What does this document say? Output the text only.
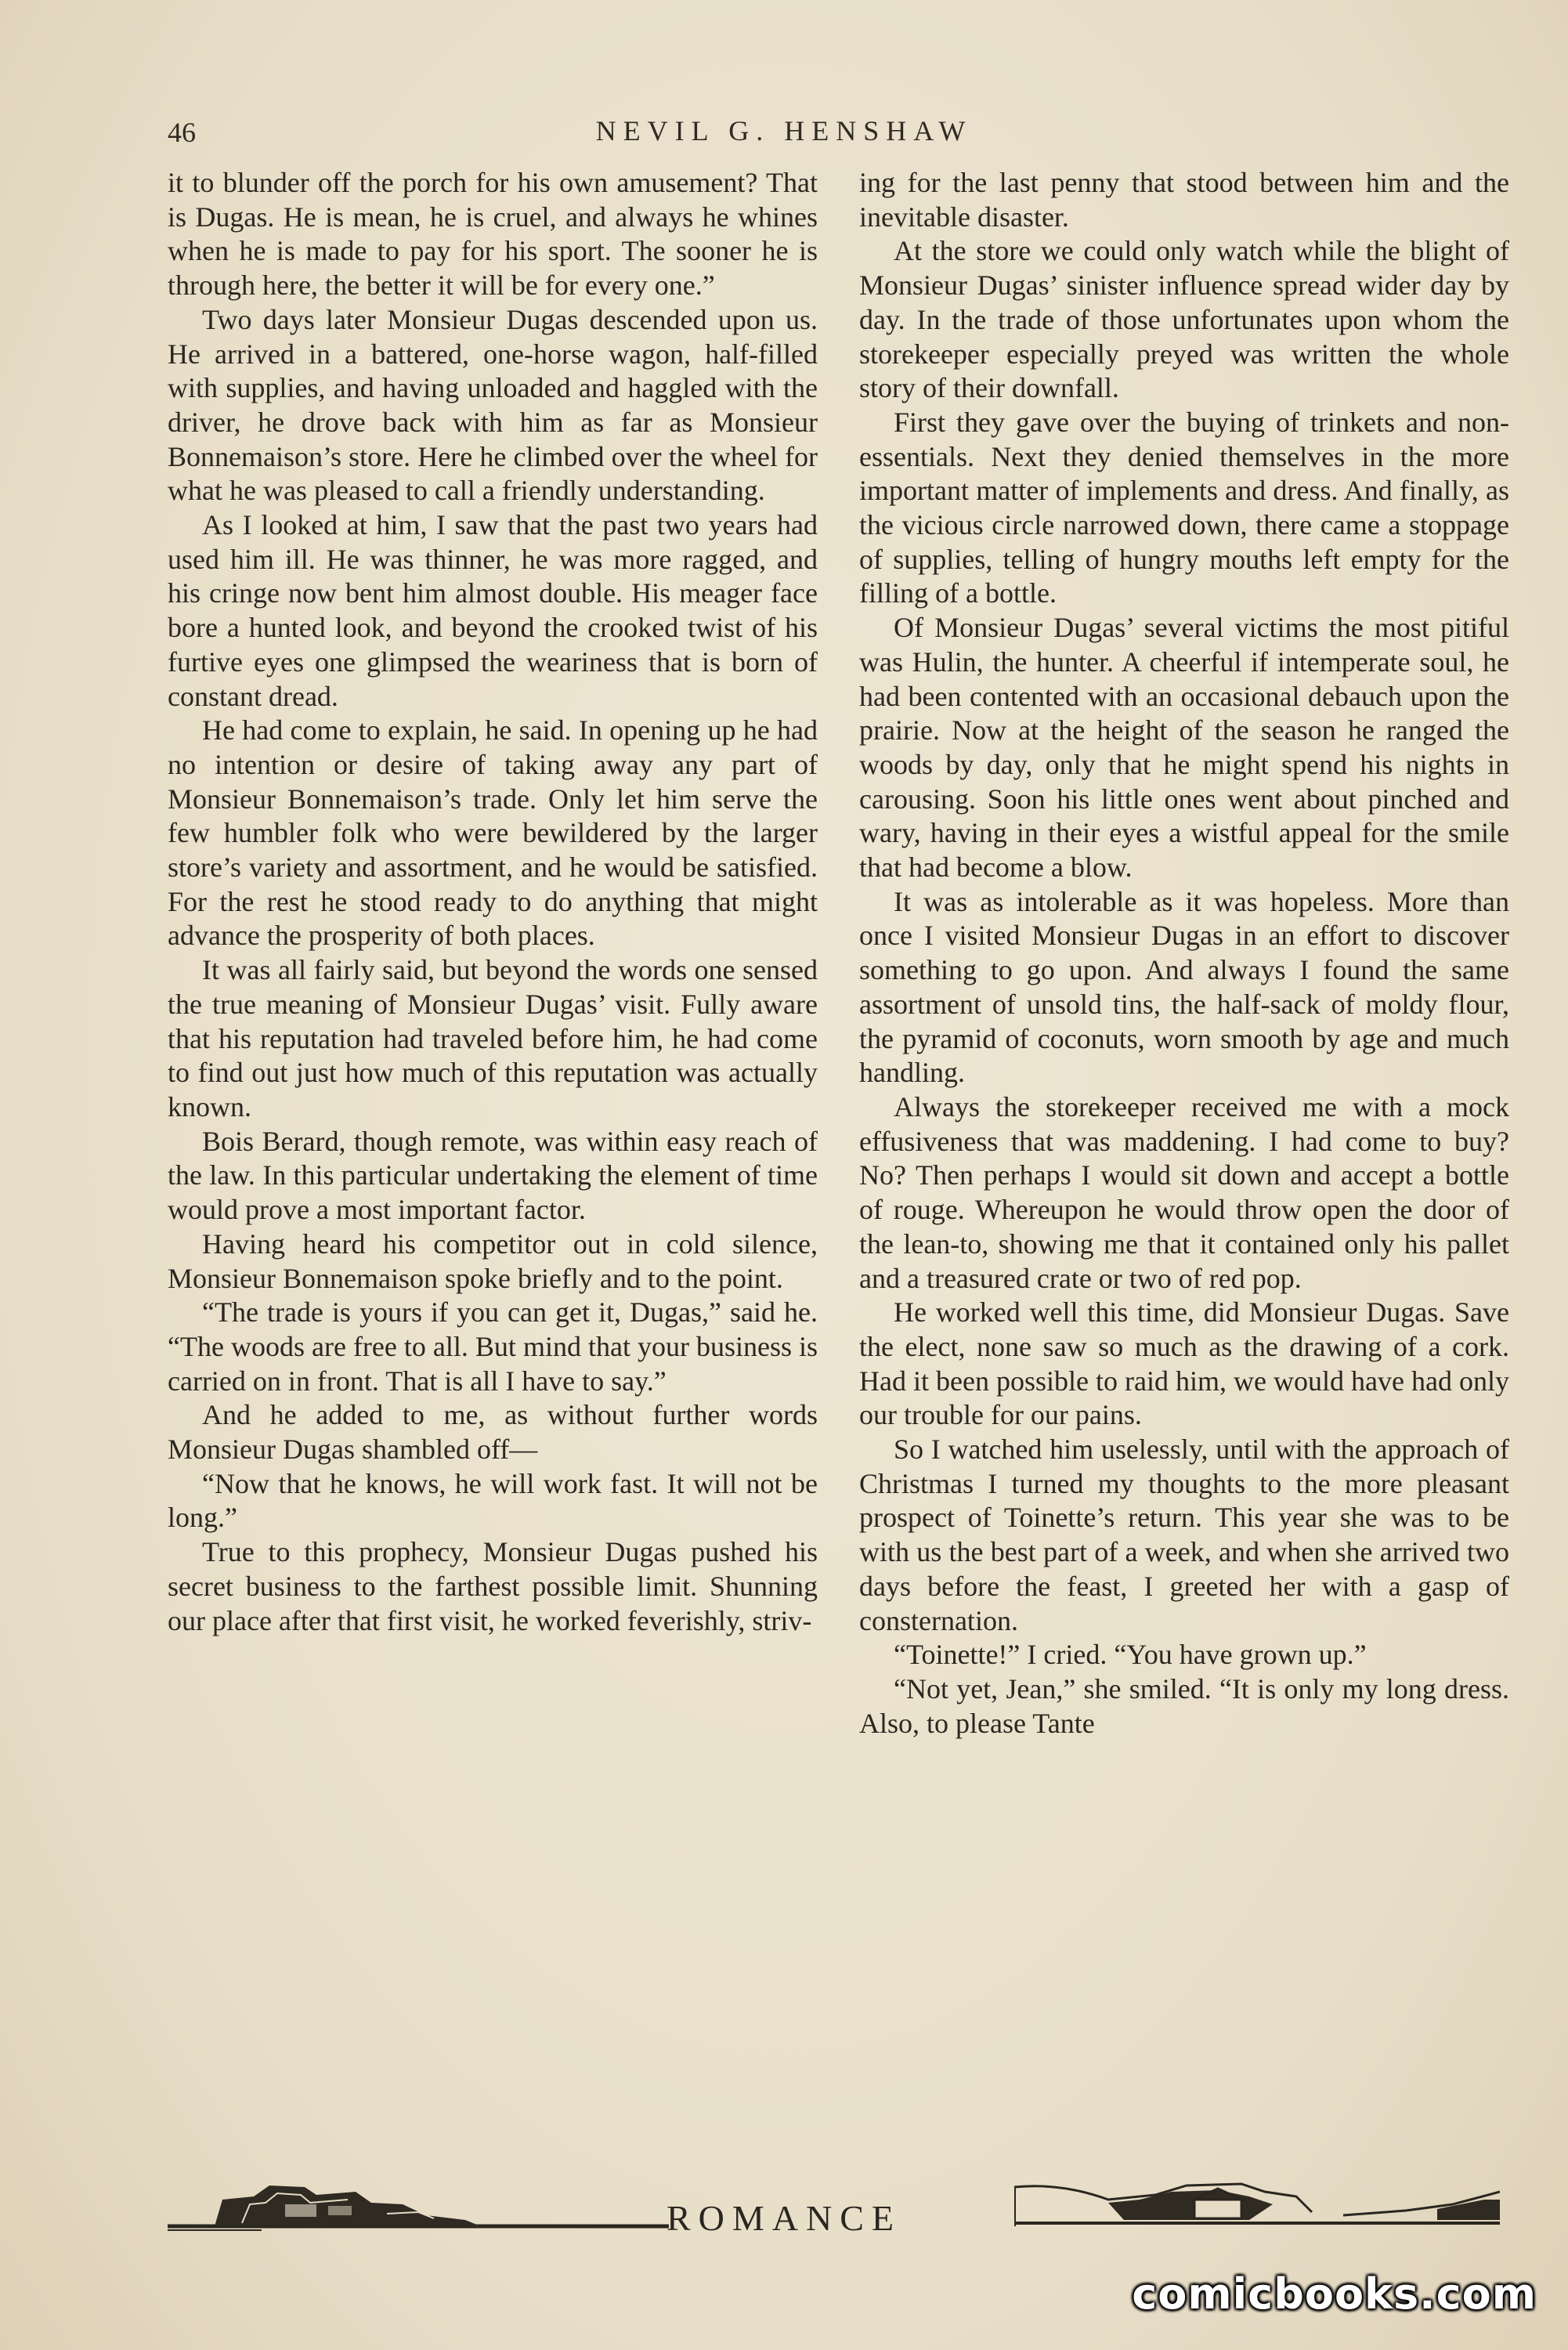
46	NEVIL G. HENSHAW

it to blunder off the porch for his own amusement? That is Dugas. He is mean, he is cruel, and always he whines when he is made to pay for his sport. The sooner he is through here, the better it will be for every one.”

Two days later Monsieur Dugas descended upon us. He arrived in a battered, one-horse wagon, half-filled with supplies, and having unloaded and haggled with the driver, he drove back with him as far as Monsieur Bonnemaison’s store. Here he climbed over the wheel for what he was pleased to call a friendly understanding.

As I looked at him, I saw that the past two years had used him ill. He was thinner, he was more ragged, and his cringe now bent him almost double. His meager face bore a hunted look, and beyond the crooked twist of his furtive eyes one glimpsed the weariness that is born of constant dread.

He had come to explain, he said. In opening up he had no intention or desire of taking away any part of Monsieur Bonnemaison’s trade. Only let him serve the few humbler folk who were bewildered by the larger store’s variety and assortment, and he would be satisfied. For the rest he stood ready to do anything that might advance the prosperity of both places.

It was all fairly said, but beyond the words one sensed the true meaning of Monsieur Dugas’ visit. Fully aware that his reputation had traveled before him, he had come to find out just how much of this reputation was actually known.

Bois Berard, though remote, was within easy reach of the law. In this particular undertaking the element of time would prove a most important factor.

Having heard his competitor out in cold silence, Monsieur Bonnemaison spoke briefly and to the point.

“The trade is yours if you can get it, Dugas,” said he. “The woods are free to all. But mind that your business is carried on in front. That is all I have to say.”

And he added to me, as without further words Monsieur Dugas shambled off—

“Now that he knows, he will work fast. It will not be long.”

True to this prophecy, Monsieur Dugas pushed his secret business to the farthest possible limit. Shunning our place after that first visit, he worked feverishly, striv-

ing for the last penny that stood between him and the inevitable disaster.

At the store we could only watch while the blight of Monsieur Dugas’ sinister influence spread wider day by day. In the trade of those unfortunates upon whom the storekeeper especially preyed was written the whole story of their downfall.

First they gave over the buying of trinkets and non-essentials. Next they denied themselves in the more important matter of implements and dress. And finally, as the vicious circle narrowed down, there came a stoppage of supplies, telling of hungry mouths left empty for the filling of a bottle.

Of Monsieur Dugas’ several victims the most pitiful was Hulin, the hunter. A cheerful if intemperate soul, he had been contented with an occasional debauch upon the prairie. Now at the height of the season he ranged the woods by day, only that he might spend his nights in carousing. Soon his little ones went about pinched and wary, having in their eyes a wistful appeal for the smile that had become a blow.

It was as intolerable as it was hopeless. More than once I visited Monsieur Dugas in an effort to discover something to go upon. And always I found the same assortment of unsold tins, the half-sack of moldy flour, the pyramid of coconuts, worn smooth by age and much handling.

Always the storekeeper received me with a mock effusiveness that was maddening. I had come to buy? No? Then perhaps I would sit down and accept a bottle of rouge. Whereupon he would throw open the door of the lean-to, showing me that it contained only his pallet and a treasured crate or two of red pop.

He worked well this time, did Monsieur Dugas. Save the elect, none saw so much as the drawing of a cork. Had it been possible to raid him, we would have had only our trouble for our pains.

So I watched him uselessly, until with the approach of Christmas I turned my thoughts to the more pleasant prospect of Toinette’s return. This year she was to be with us the best part of a week, and when she arrived two days before the feast, I greeted her with a gasp of consternation.

“Toinette!” I cried. “You have grown up.”

“Not yet, Jean,” she smiled. “It is only my long dress. Also, to please Tante

ROMANCE
comicbooks.com
